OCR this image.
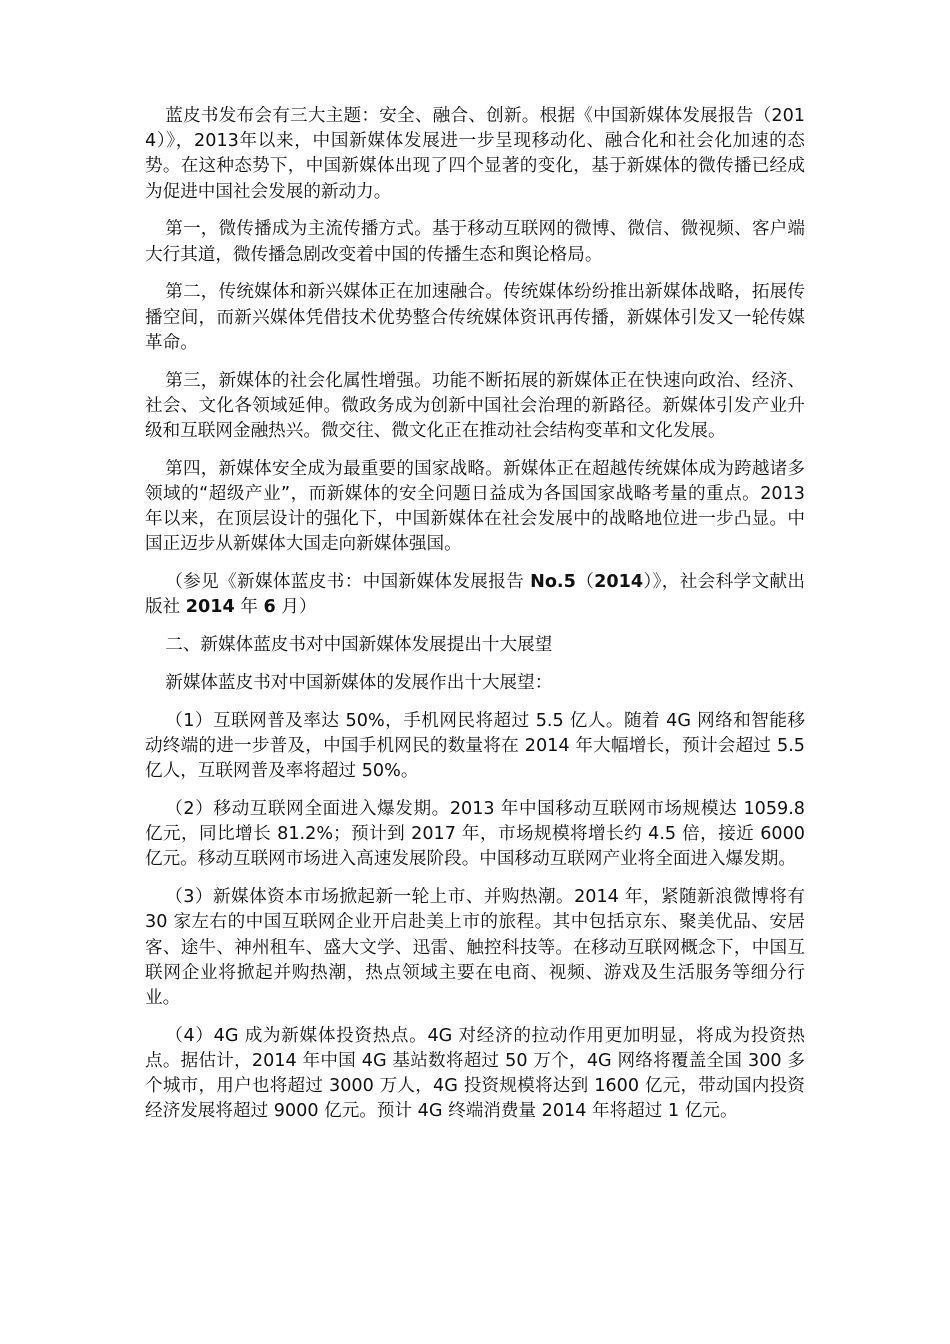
蓝皮书发布会有三大主题：安全、融合、创新。根据《中国新媒体发展报告（2014）》，2013年以来，中国新媒体发展进一步呈现移动化、融合化和社会化加速的态势。在这种态势下，中国新媒体出现了四个显著的变化，基于新媒体的微传播已经成为促进中国社会发展的新动力。

第一，微传播成为主流传播方式。基于移动互联网的微博、微信、微视频、客户端大行其道，微传播急剧改变着中国的传播生态和舆论格局。

第二，传统媒体和新兴媒体正在加速融合。传统媒体纷纷推出新媒体战略，拓展传播空间，而新兴媒体凭借技术优势整合传统媒体资讯再传播，新媒体引发又一轮传媒革命。

第三，新媒体的社会化属性增强。功能不断拓展的新媒体正在快速向政治、经济、社会、文化各领域延伸。微政务成为创新中国社会治理的新路径。新媒体引发产业升级和互联网金融热兴。微交往、微文化正在推动社会结构变革和文化发展。

第四，新媒体安全成为最重要的国家战略。新媒体正在超越传统媒体成为跨越诸多领域的“超级产业”，而新媒体的安全问题日益成为各国国家战略考量的重点。2013年以来，在顶层设计的强化下，中国新媒体在社会发展中的战略地位进一步凸显。中国正迈步从新媒体大国走向新媒体强国。

（参见《新媒体蓝皮书：中国新媒体发展报告 No.5（2014）》，社会科学文献出版社 2014 年 6 月）

二、新媒体蓝皮书对中国新媒体发展提出十大展望

新媒体蓝皮书对中国新媒体的发展作出十大展望：

（1）互联网普及率达 50%，手机网民将超过 5.5 亿人。随着 4G 网络和智能移动终端的进一步普及，中国手机网民的数量将在 2014 年大幅增长，预计会超过 5.5 亿人，互联网普及率将超过 50%。

（2）移动互联网全面进入爆发期。2013 年中国移动互联网市场规模达 1059.8 亿元，同比增长 81.2%；预计到 2017 年，市场规模将增长约 4.5 倍，接近 6000 亿元。移动互联网市场进入高速发展阶段。中国移动互联网产业将全面进入爆发期。

（3）新媒体资本市场掀起新一轮上市、并购热潮。2014 年，紧随新浪微博将有 30 家左右的中国互联网企业开启赴美上市的旅程。其中包括京东、聚美优品、安居客、途牛、神州租车、盛大文学、迅雷、触控科技等。在移动互联网概念下，中国互联网企业将掀起并购热潮，热点领域主要在电商、视频、游戏及生活服务等细分行业。

（4）4G 成为新媒体投资热点。4G 对经济的拉动作用更加明显，将成为投资热点。据估计，2014 年中国 4G 基站数将超过 50 万个，4G 网络将覆盖全国 300 多个城市，用户也将超过 3000 万人，4G 投资规模将达到 1600 亿元，带动国内投资经济发展将超过 9000 亿元。预计 4G 终端消费量 2014 年将超过 1 亿元。
